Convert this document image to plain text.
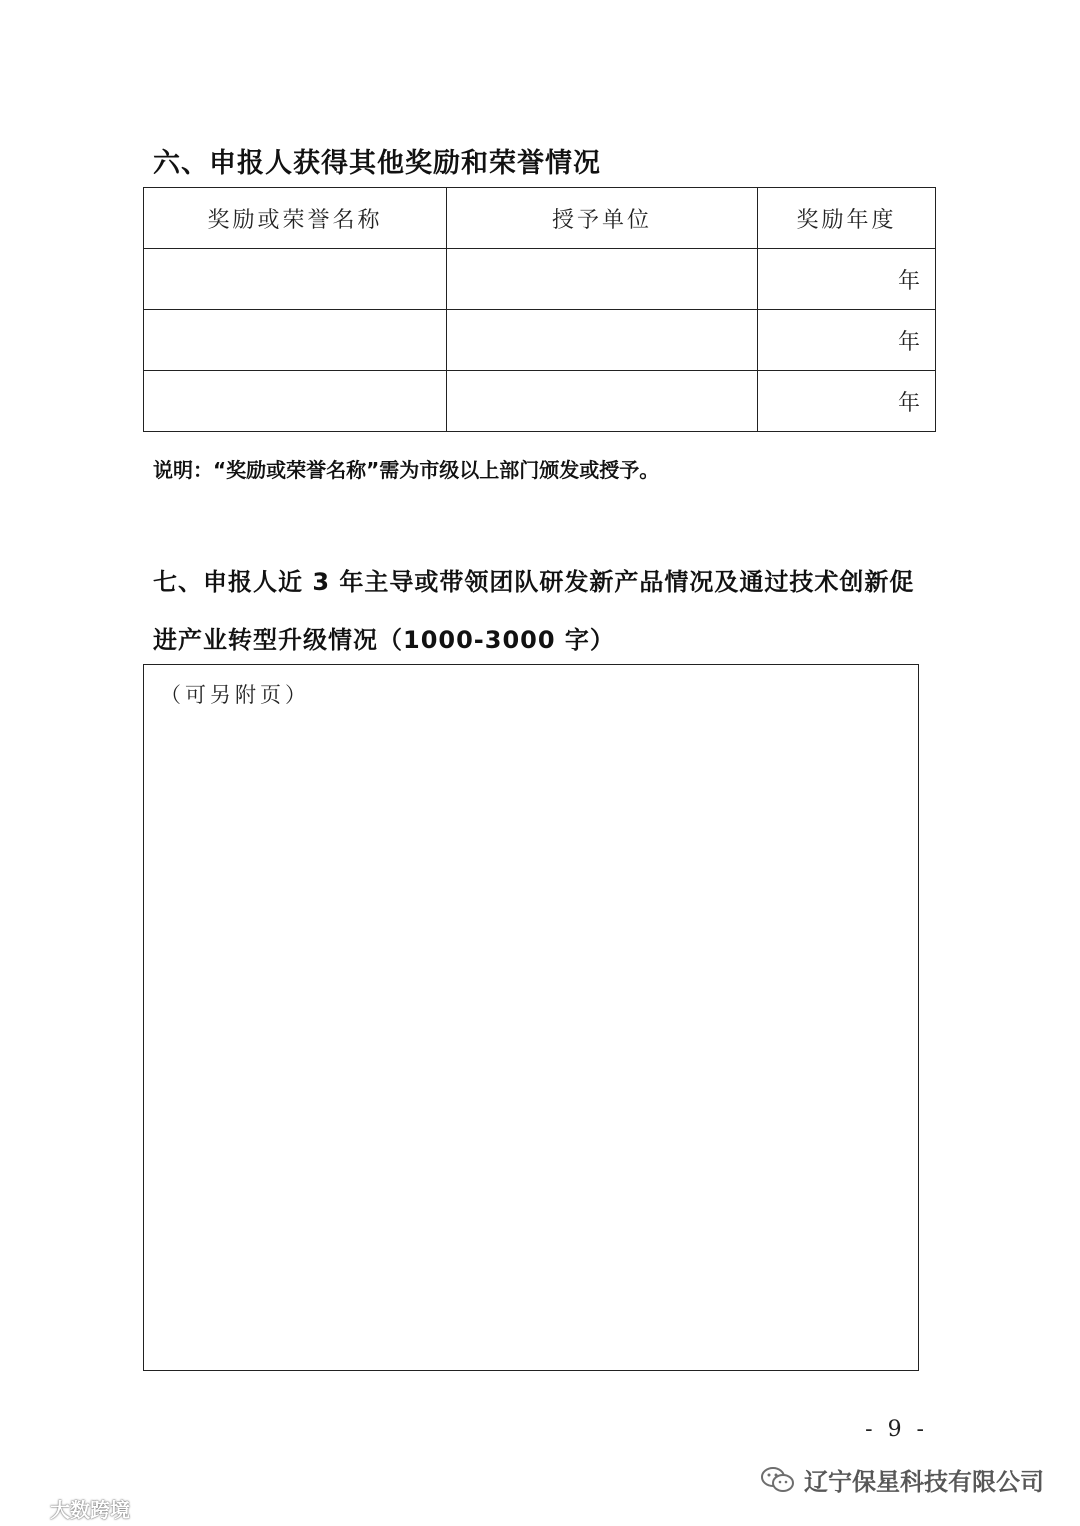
六、申报人获得其他奖励和荣誉情况
奖励或荣誉名称	授予单位	奖励年度
		年
		年
		年
说明：“奖励或荣誉名称”需为市级以上部门颁发或授予。
七、申报人近 3 年主导或带领团队研发新产品情况及通过技术创新促
进产业转型升级情况（1000-3000 字）
（可另附页）
- 9 -
辽宁保星科技有限公司
大数跨境
